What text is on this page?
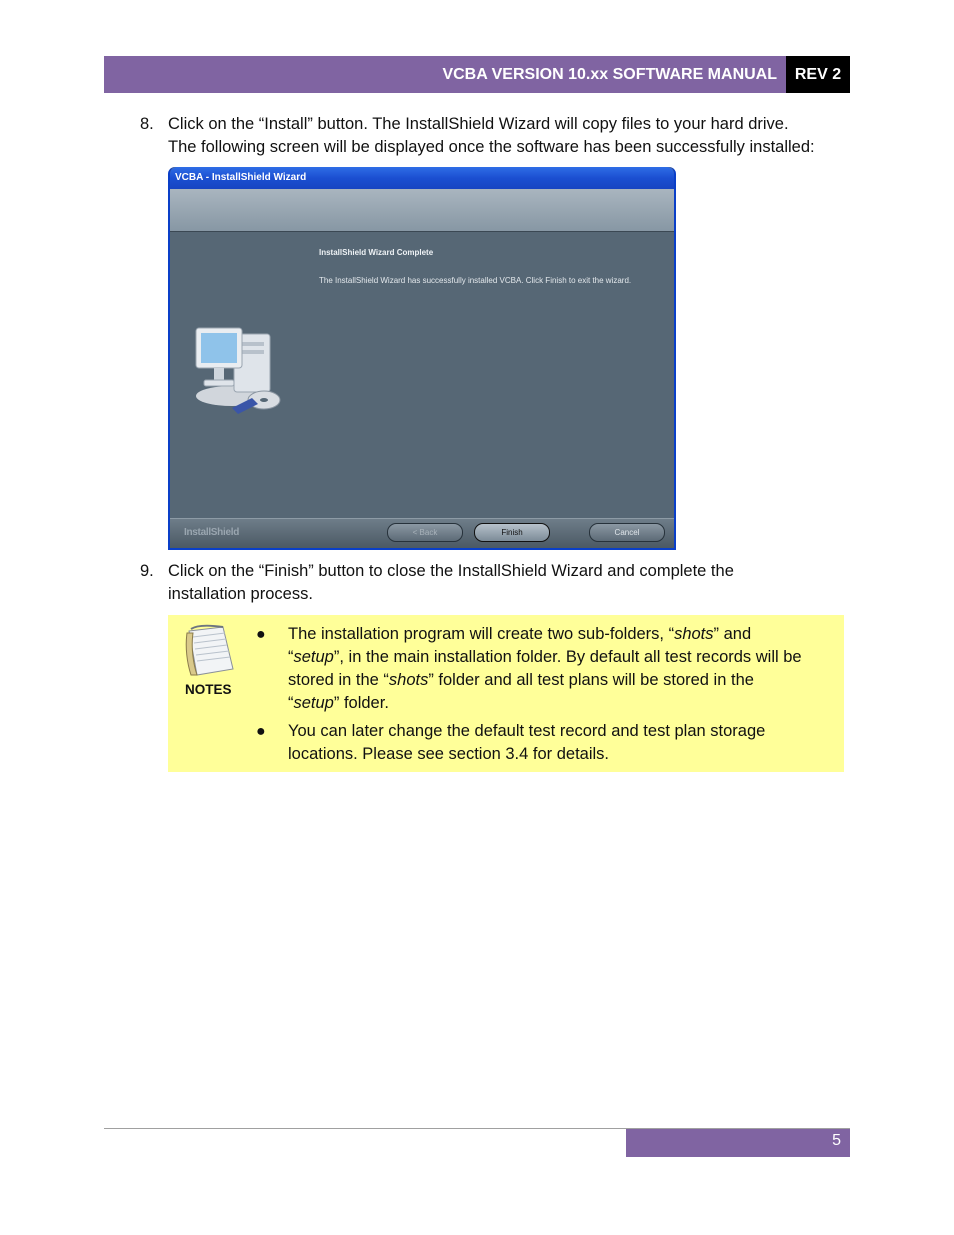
VCBA VERSION 10.xx SOFTWARE MANUAL	REV 2
8. Click on the “Install” button. The InstallShield Wizard will copy files to your hard drive.
The following screen will be displayed once the software has been successfully installed:
VCBA - InstallShield Wizard
InstallShield Wizard Complete
The InstallShield Wizard has successfully installed VCBA. Click Finish to exit the wizard.
InstallShield	< Back	Finish	Cancel
9. Click on the “Finish” button to close the InstallShield Wizard and complete the
installation process.
NOTES
● The installation program will create two sub-folders, “shots” and
“setup”, in the main installation folder. By default all test records will be
stored in the “shots” folder and all test plans will be stored in the
“setup” folder.
● You can later change the default test record and test plan storage
locations. Please see section 3.4 for details.
5
